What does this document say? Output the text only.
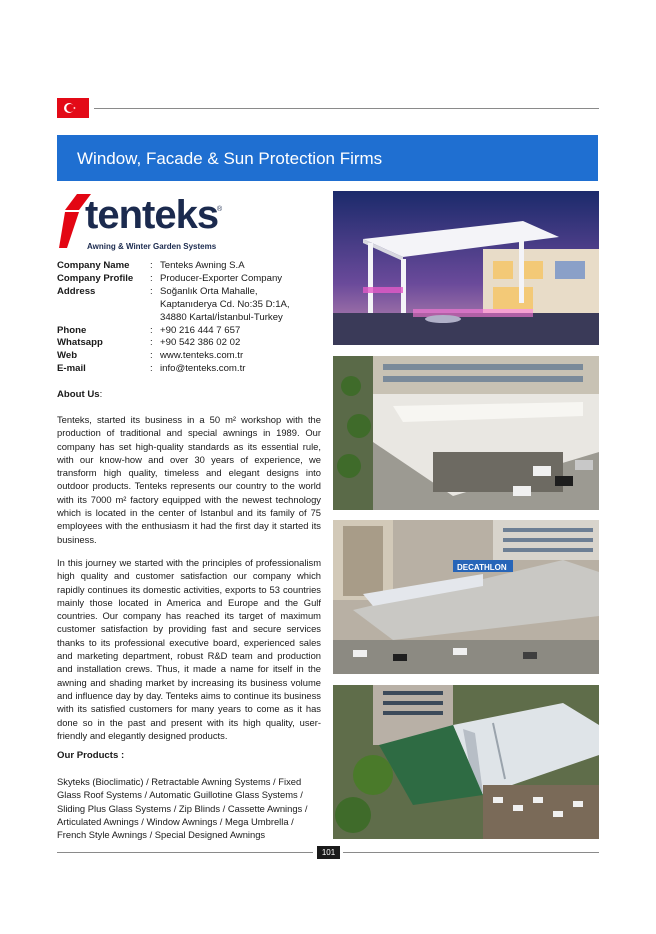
Window, Facade & Sun Protection Firms
tenteks
®
Awning & Winter Garden Systems
Company Name	: Tenteks Awning S.A
Company Profile	: Producer-Exporter Company
Address	: Soğanlık Orta Mahalle,
Kaptanıderya Cd. No:35 D:1A,
34880 Kartal/İstanbul-Turkey
Phone	: +90 216 444 7 657
Whatsapp	: +90 542 386 02 02
Web	: www.tenteks.com.tr
E-mail	: info@tenteks.com.tr
About Us:
Tenteks, started its business in a 50 m² workshop with the production of traditional and special awnings in 1989. Our company has set high-quality standards as its essential rule, with our know-how and over 30 years of experience, we transform high quality, timeless and elegant designs into outdoor products. Tenteks represents our country to the world with its 7000 m² factory equipped with the newest technology which is located in the center of Istanbul and its family of 75 employees with the enthusiasm it had the first day it started its business.
In this journey we started with the principles of professionalism high quality and customer satisfaction our company which rapidly continues its domestic activities, exports to 53 countries mainly those located in America and Europe and the Gulf countries. Our company has reached its target of maximum customer satisfaction by providing fast and secure services thanks to its professional executive board, experienced sales and marketing department, robust R&D team and production and installation crews. Thus, it made a name for itself in the awning and shading market by increasing its business volume and influence day by day. Tenteks aims to continue its business with its satisfied customers for many years to come as it has done so in the past and present with its high quality, user-friendly and elegantly designed products.
Our Products :
Skyteks (Bioclimatic) / Retractable Awning Systems / Fixed Glass Roof Systems / Automatic Guillotine Glass Systems / Sliding Plus Glass Systems / Zip Blinds / Cassette Awnings / Articulated Awnings / Window Awnings / Mega Umbrella / French Style Awnings / Special Designed Awnings
DECATHLON
101
